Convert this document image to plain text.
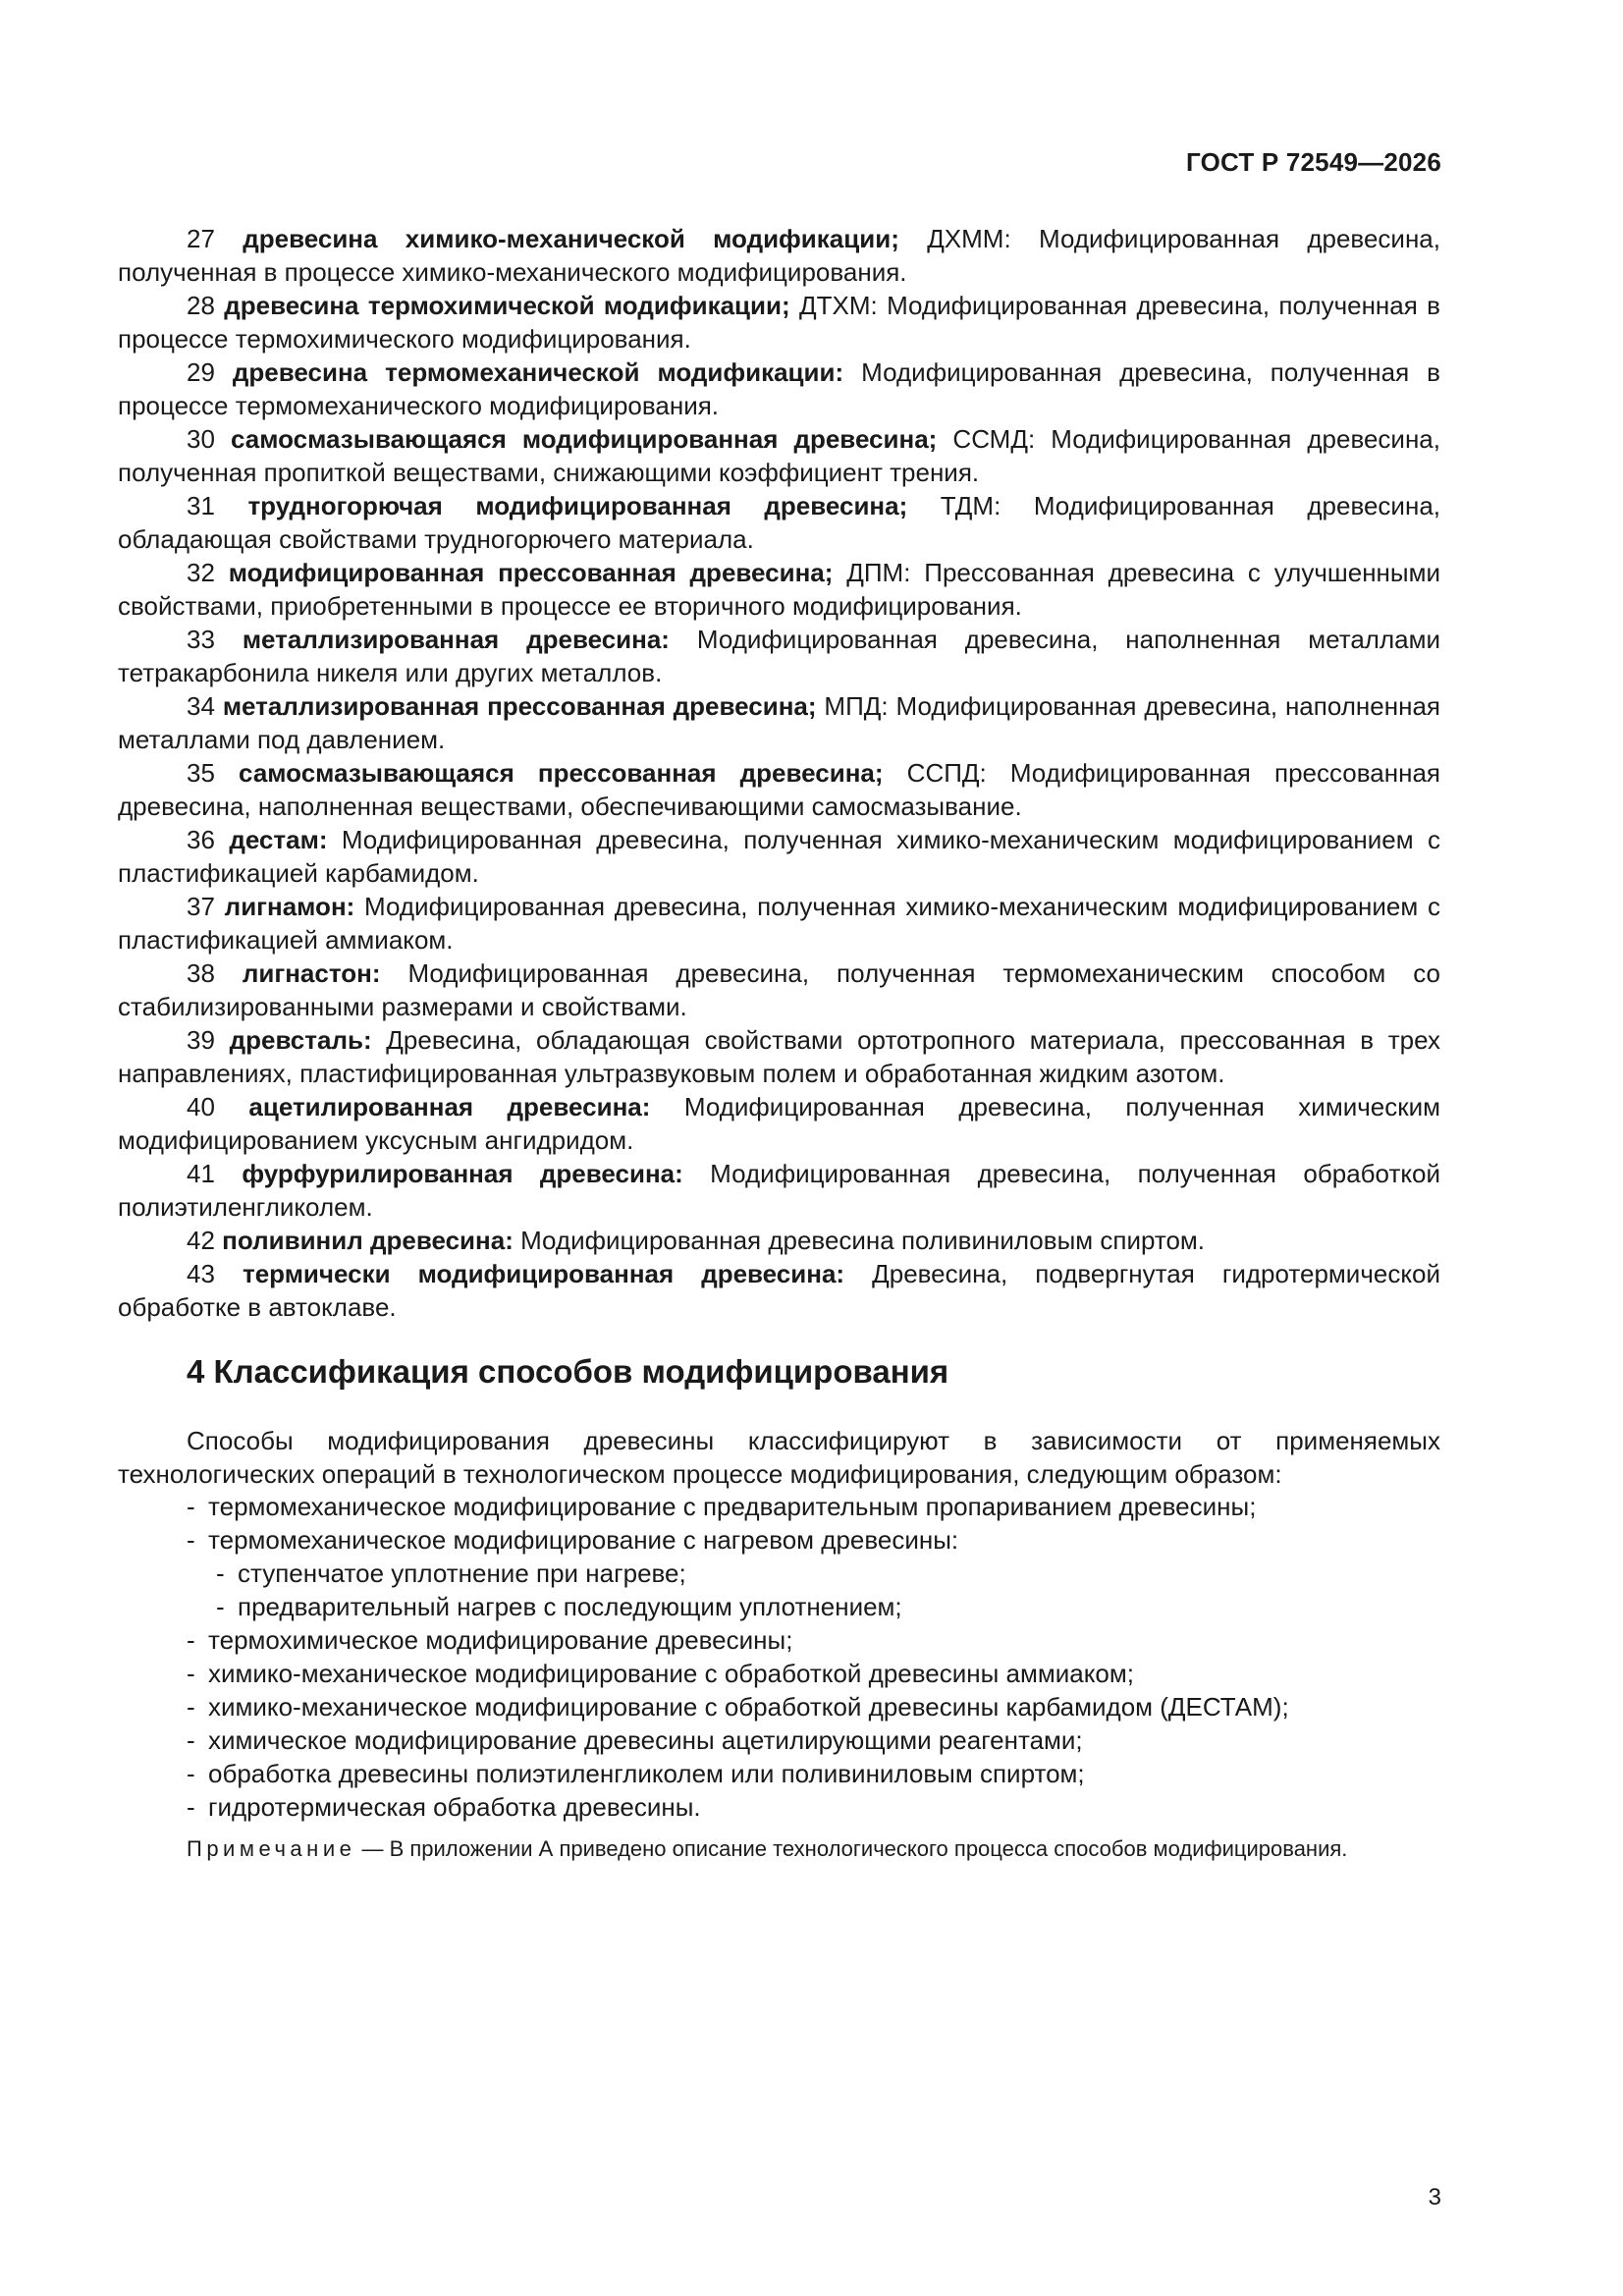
ГОСТ Р 72549—2026

27 древесина химико-механической модификации; ДХММ: Модифицированная древесина, полученная в процессе химико-механического модифицирования.

28 древесина термохимической модификации; ДТХМ: Модифицированная древесина, полученная в процессе термохимического модифицирования.

29 древесина термомеханической модификации: Модифицированная древесина, полученная в процессе термомеханического модифицирования.

30 самосмазывающаяся модифицированная древесина; ССМД: Модифицированная древесина, полученная пропиткой веществами, снижающими коэффициент трения.

31 трудногорючая модифицированная древесина; ТДМ: Модифицированная древесина, обладающая свойствами трудногорючего материала.

32 модифицированная прессованная древесина; ДПМ: Прессованная древесина с улучшенными свойствами, приобретенными в процессе ее вторичного модифицирования.

33 металлизированная древесина: Модифицированная древесина, наполненная металлами тетракарбонила никеля или других металлов.

34 металлизированная прессованная древесина; МПД: Модифицированная древесина, наполненная металлами под давлением.

35 самосмазывающаяся прессованная древесина; ССПД: Модифицированная прессованная древесина, наполненная веществами, обеспечивающими самосмазывание.

36 дестам: Модифицированная древесина, полученная химико-механическим модифицированием с пластификацией карбамидом.

37 лигнамон: Модифицированная древесина, полученная химико-механическим модифицированием с пластификацией аммиаком.

38 лигнастон: Модифицированная древесина, полученная термомеханическим способом со стабилизированными размерами и свойствами.

39 древсталь: Древесина, обладающая свойствами ортотропного материала, прессованная в трех направлениях, пластифицированная ультразвуковым полем и обработанная жидким азотом.

40 ацетилированная древесина: Модифицированная древесина, полученная химическим модифицированием уксусным ангидридом.

41 фурфурилированная древесина: Модифицированная древесина, полученная обработкой полиэтиленгликолем.

42 поливинил древесина: Модифицированная древесина поливиниловым спиртом.

43 термически модифицированная древесина: Древесина, подвергнутая гидротермической обработке в автоклаве.

4 Классификация способов модифицирования

Способы модифицирования древесины классифицируют в зависимости от применяемых технологических операций в технологическом процессе модифицирования, следующим образом:

- термомеханическое модифицирование с предварительным пропариванием древесины;
- термомеханическое модифицирование с нагревом древесины:
- ступенчатое уплотнение при нагреве;
- предварительный нагрев с последующим уплотнением;
- термохимическое модифицирование древесины;
- химико-механическое модифицирование с обработкой древесины аммиаком;
- химико-механическое модифицирование с обработкой древесины карбамидом (ДЕСТАМ);
- химическое модифицирование древесины ацетилирующими реагентами;
- обработка древесины полиэтиленгликолем или поливиниловым спиртом;
- гидротермическая обработка древесины.

Примечание — В приложении А приведено описание технологического процесса способов модифицирования.

3
